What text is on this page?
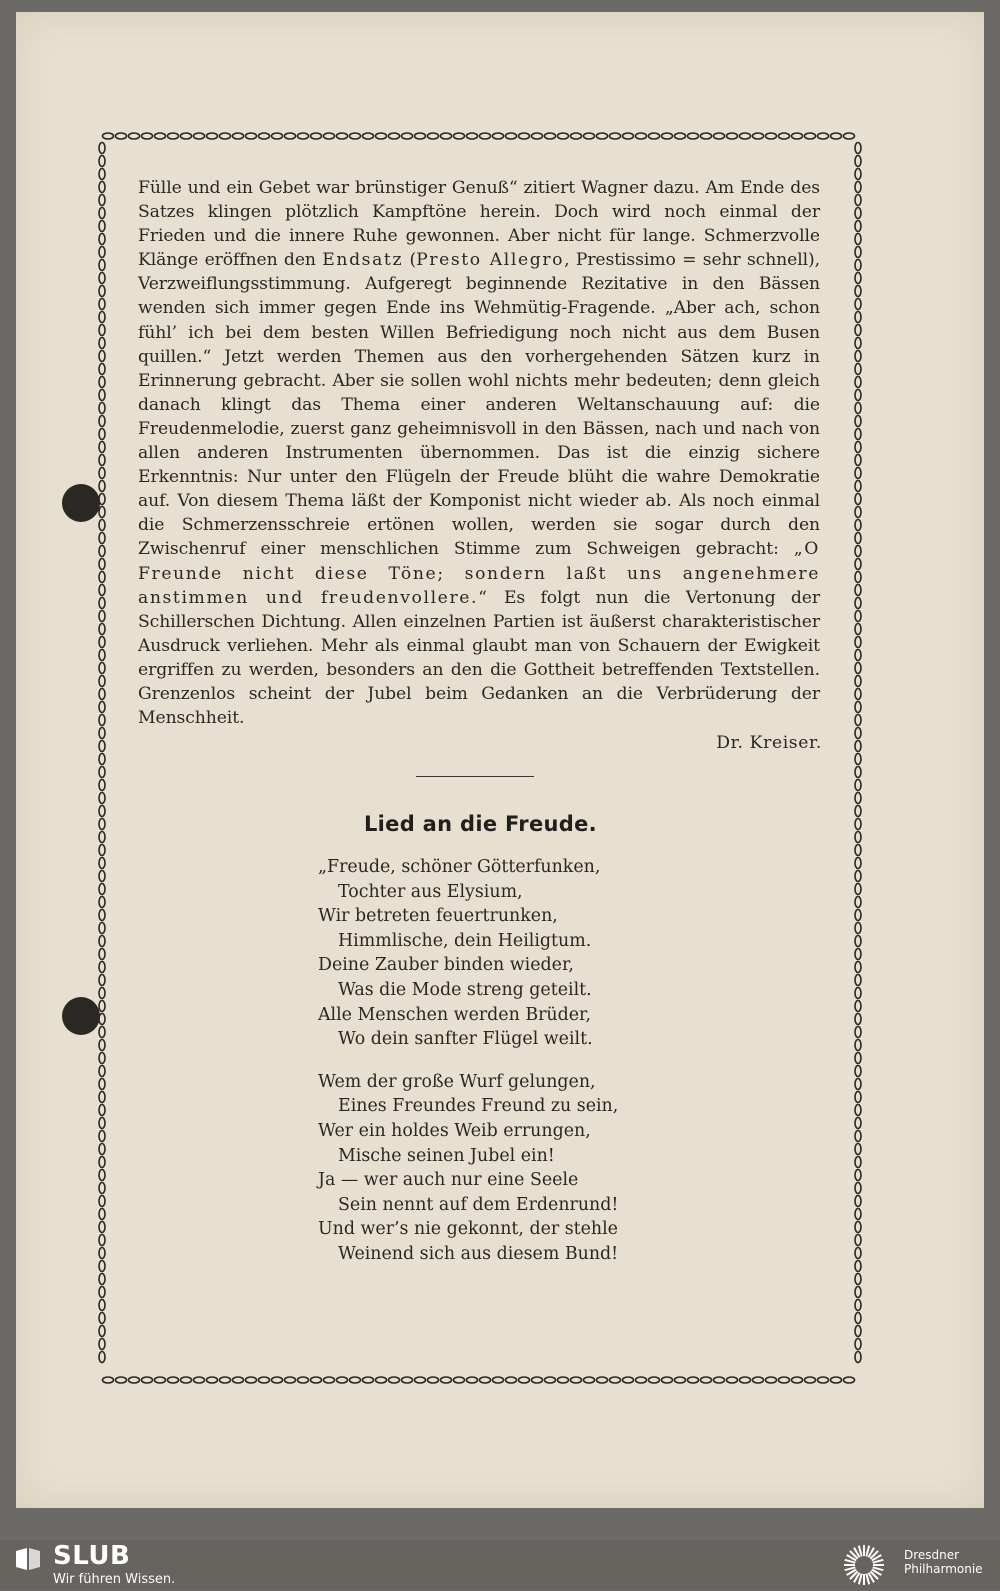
Fülle und ein Gebet war brünstiger Genuß“ zitiert Wagner dazu. Am Ende des Satzes klingen plötzlich Kampftöne herein. Doch wird noch einmal der Frieden und die innere Ruhe gewonnen. Aber nicht für lange. Schmerzvolle Klänge eröffnen den Endsatz (Presto Allegro, Prestissimo = sehr schnell), Verzweiflungsstimmung. Aufgeregt beginnende Rezitative in den Bässen wenden sich immer gegen Ende ins Wehmütig-Fragende. „Aber ach, schon fühl’ ich bei dem besten Willen Befriedigung noch nicht aus dem Busen quillen.“ Jetzt werden Themen aus den vorhergehenden Sätzen kurz in Erinnerung gebracht. Aber sie sollen wohl nichts mehr bedeuten; denn gleich danach klingt das Thema einer anderen Weltanschauung auf: die Freudenmelodie, zuerst ganz geheimnisvoll in den Bässen, nach und nach von allen anderen Instrumenten übernommen. Das ist die einzig sichere Erkenntnis: Nur unter den Flügeln der Freude blüht die wahre Demokratie auf. Von diesem Thema läßt der Komponist nicht wieder ab. Als noch einmal die Schmerzensschreie ertönen wollen, werden sie sogar durch den Zwischenruf einer menschlichen Stimme zum Schweigen gebracht: „O Freunde nicht diese Töne; sondern laßt uns angenehmere anstimmen und freudenvollere.“ Es folgt nun die Vertonung der Schillerschen Dichtung. Allen einzelnen Partien ist äußerst charakteristischer Ausdruck verliehen. Mehr als einmal glaubt man von Schauern der Ewigkeit ergriffen zu werden, besonders an den die Gottheit betreffenden Textstellen. Grenzenlos scheint der Jubel beim Gedanken an die Verbrüderung der Menschheit.

Dr. Kreiser.
Lied an die Freude.
„Freude, schöner Götterfunken,
Tochter aus Elysium,
Wir betreten feuertrunken,
Himmlische, dein Heiligtum.
Deine Zauber binden wieder,
Was die Mode streng geteilt.
Alle Menschen werden Brüder,
Wo dein sanfter Flügel weilt.
Wem der große Wurf gelungen,
Eines Freundes Freund zu sein,
Wer ein holdes Weib errungen,
Mische seinen Jubel ein!
Ja — wer auch nur eine Seele
Sein nennt auf dem Erdenrund!
Und wer’s nie gekonnt, der stehle
Weinend sich aus diesem Bund!
SLUB
Wir führen Wissen.
Dresdner
Philharmonie
